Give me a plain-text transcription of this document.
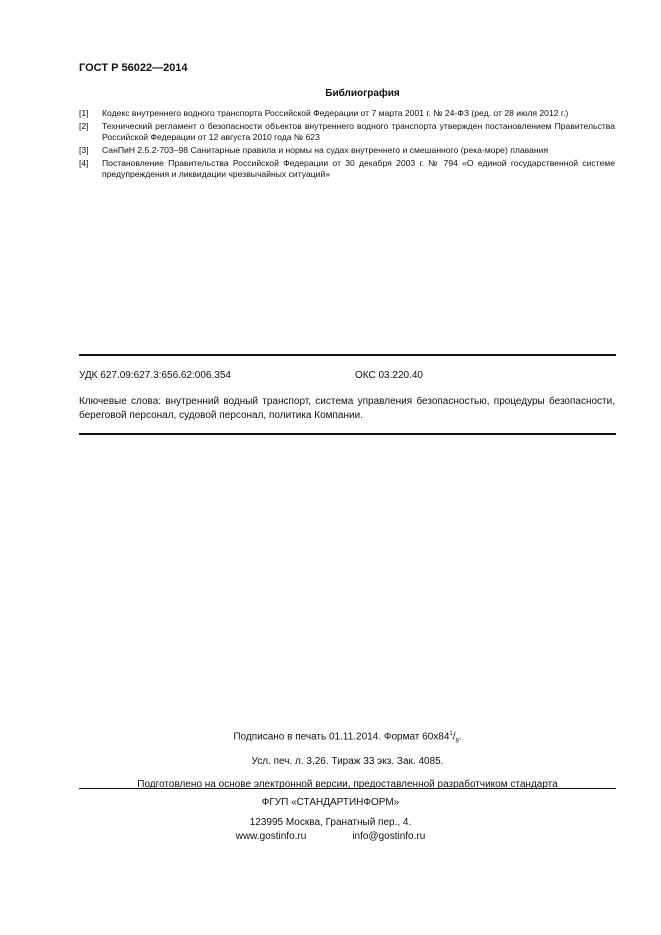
ГОСТ Р 56022—2014
Библиография
[1]	Кодекс внутреннего водного транспорта Российской Федерации от 7 марта 2001 г. № 24-ФЗ (ред. от 28 июля 2012 г.)
[2]	Технический регламент о безопасности объектов внутреннего водного транспорта утвержден постановлением Правительства Российской Федерации от 12 августа 2010 года № 623
[3]	СанПиН 2.5.2-703–98 Санитарные правила и нормы на судах внутреннего и смешанного (река-море) плавания
[4]	Постановление Правительства Российской Федерации от 30 декабря 2003 г. № 794 «О единой государственной системе предупреждения и ликвидации чрезвычайных ситуаций»
УДК 627.09:627.3:656.62:006.354	ОКС 03.220.40
Ключевые слова: внутренний водный транспорт, система управления безопасностью, процедуры безопасности, береговой персонал, судовой персонал, политика Компании.
Подписано в печать 01.11.2014. Формат $60x84^1/_8$.
Усл. печ. л. 3,26. Тираж 33 экз. Зак. 4085.
Подготовлено на основе электронной версии, предоставленной разработчиком стандарта
ФГУП «СТАНДАРТИНФОРМ»
123995 Москва, Гранатный пер., 4.
www.gostinfo.ru	info@gostinfo.ru
